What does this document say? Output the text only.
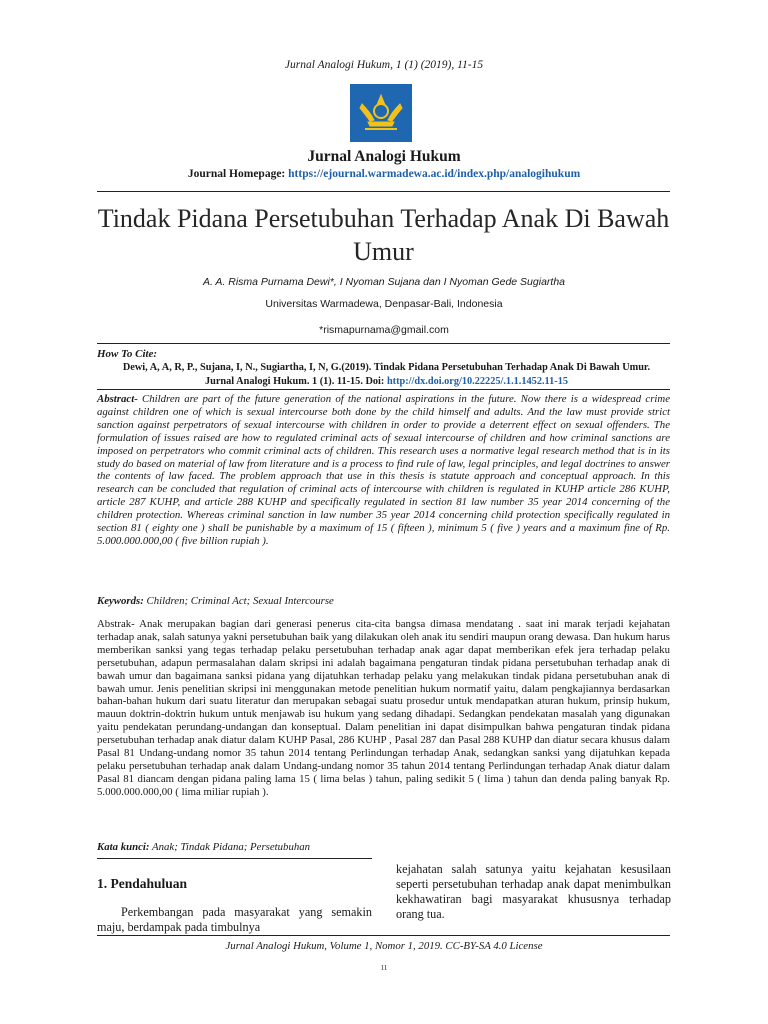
Jurnal Analogi Hukum, 1 (1) (2019), 11-15
Jurnal Analogi Hukum
Journal Homepage: https://ejournal.warmadewa.ac.id/index.php/analogihukum
Tindak Pidana Persetubuhan Terhadap Anak Di Bawah Umur
A. A. Risma Purnama Dewi*, I Nyoman Sujana dan I Nyoman Gede Sugiartha
Universitas Warmadewa, Denpasar-Bali, Indonesia
*rismapurnama@gmail.com
How To Cite:
Dewi, A, A, R, P., Sujana, I, N., Sugiartha, I, N, G.(2019). Tindak Pidana Persetubuhan Terhadap Anak Di Bawah Umur. Jurnal Analogi Hukum. 1 (1). 11-15. Doi: http://dx.doi.org/10.22225/.1.1.1452.11-15
Abstract- Children are part of the future generation of the national aspirations in the future. Now there is a widespread crime against children one of which is sexual intercourse both done by the child himself and adults. And the law must provide strict sanction against perpetrators of sexual intercourse with children in order to provide a deterrent effect on sexual offenders. The formulation of issues raised are how to regulated criminal acts of sexual intercourse of children and how criminal sanctions are imposed on perpetrators who commit criminal acts of children. This research uses a normative legal research method that is in its study do based on material of law from literature and is a process to find rule of law, legal principles, and legal doctrines to answer the contents of law faced. The problem approach that use in this thesis is statute approach and conceptual approach. In this research can be concluded that regulation of criminal acts of intercourse with children is regulated in KUHP article 286 KUHP, article 287 KUHP, and article 288 KUHP and specifically regulated in section 81 law number 35 year 2014 concerning of the children protection. Whereas criminal sanction in law number 35 year 2014 concerning child protection specifically regulated in section 81 ( eighty one ) shall be punishable by a maximum of 15 ( fifteen ), minimum 5 ( five ) years and a maximum fine of Rp. 5.000.000.000,00 ( five billion rupiah ).
Keywords: Children; Criminal Act; Sexual Intercourse
Abstrak- Anak merupakan bagian dari generasi penerus cita-cita bangsa dimasa mendatang . saat ini marak terjadi kejahatan terhadap anak, salah satunya yakni persetubuhan baik yang dilakukan oleh anak itu sendiri maupun orang dewasa. Dan hukum harus memberikan sanksi yang tegas terhadap pelaku persetubuhan terhadap anak agar dapat memberikan efek jera terhadap pelaku persetubuhan, adapun permasalahan dalam skripsi ini adalah bagaimana pengaturan tindak pidana persetubuhan terhadap anak di bawah umur dan bagaimana sanksi pidana yang dijatuhkan terhadap pelaku yang melakukan tindak pidana persetubuhan anak di bawah umur. Jenis penelitian skripsi ini menggunakan metode penelitian hukum normatif yaitu, dalam pengkajiannya berdasarkan bahan-bahan hukum dari suatu literatur dan merupakan sebagai suatu prosedur untuk mendapatkan aturan hukum, prinsip hukum, mauun doktrin-doktrin hukum untuk menjawab isu hukum yang sedang dihadapi. Sedangkan pendekatan masalah yang digunakan yaitu pendekatan perundang-undangan dan konseptual. Dalam penelitian ini dapat disimpulkan bahwa pengaturan tindak pidana persetubuhan terhadap anak diatur dalam KUHP Pasal, 286 KUHP , Pasal 287 dan Pasal 288 KUHP dan diatur secara khusus dalam Pasal 81 Undang-undang nomor 35 tahun 2014 tentang Perlindungan terhadap Anak, sedangkan sanksi yang dijatuhkan kepada pelaku persetubuhan terhadap anak dalam Undang-undang nomor 35 tahun 2014 tentang Perlindungan terhadap Anak diatur dalam Pasal 81 diancam dengan pidana paling lama 15 ( lima belas ) tahun, paling sedikit 5 ( lima ) tahun dan denda paling banyak Rp. 5.000.000.000,00 ( lima miliar rupiah ).
Kata kunci: Anak; Tindak Pidana; Persetubuhan
1. Pendahuluan
Perkembangan pada masyarakat yang semakin maju, berdampak pada timbulnya
kejahatan salah satunya yaitu kejahatan kesusilaan seperti persetubuhan terhadap anak dapat menimbulkan kekhawatiran bagi masyarakat khususnya terhadap orang tua.
Jurnal Analogi Hukum, Volume 1, Nomor 1, 2019. CC-BY-SA 4.0 License
11
